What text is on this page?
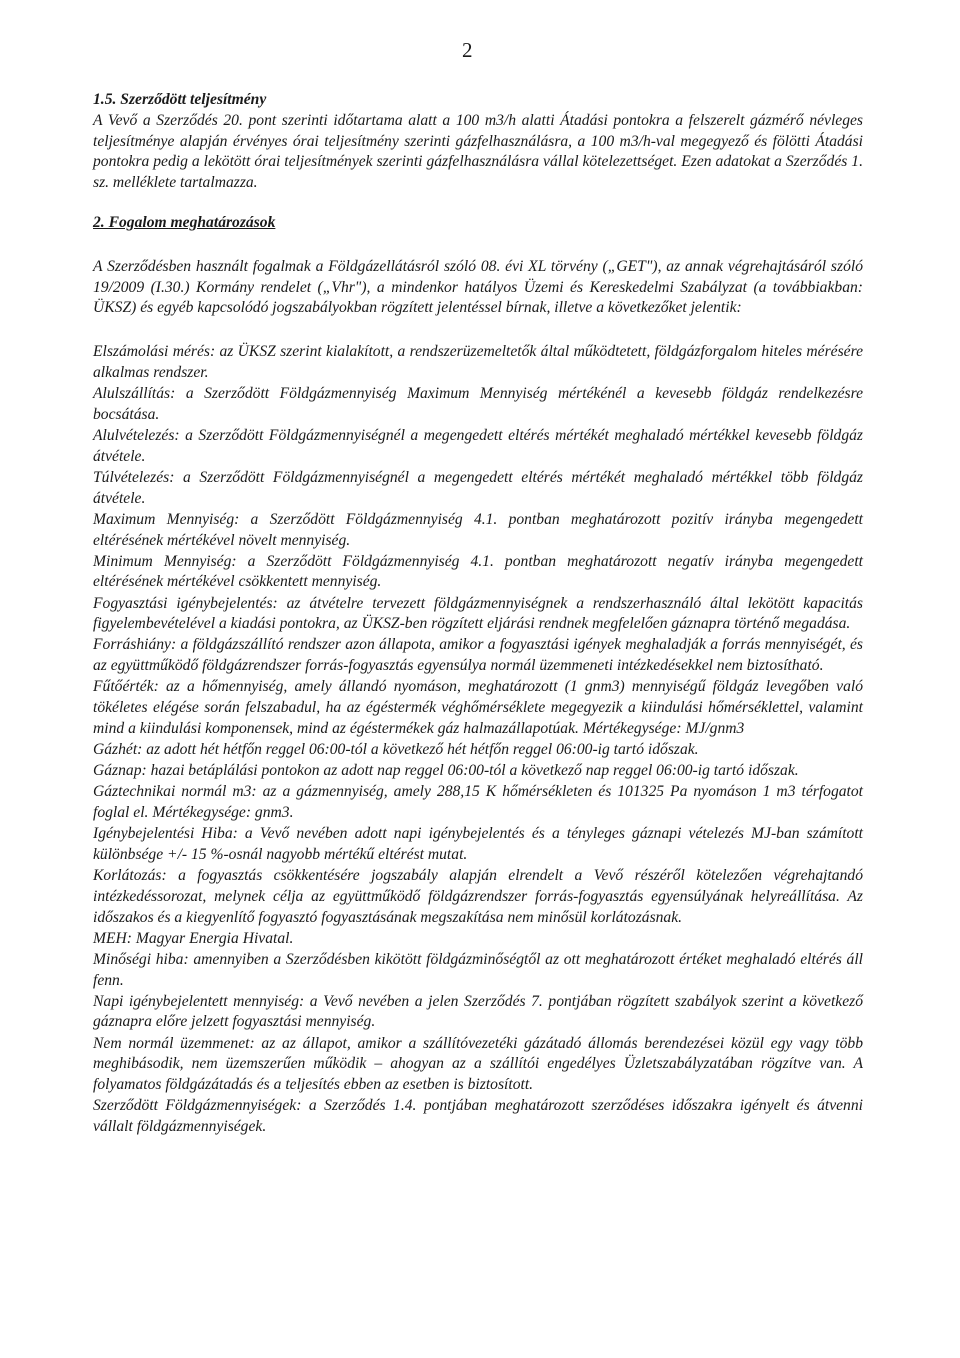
2

1.5. Szerződött teljesítmény

A Vevő a Szerződés 20. pont szerinti időtartama alatt a 100 m3/h alatti Átadási pontokra a felszerelt gázmérő névleges teljesítménye alapján érvényes órai teljesítmény szerinti gázfelhasználásra, a 100 m3/h-val megegyező és fölötti Átadási pontokra pedig a lekötött órai teljesítmények szerinti gázfelhasználásra vállal kötelezettséget. Ezen adatokat a Szerződés 1. sz. melléklete tartalmazza.

2. Fogalom meghatározások

A Szerződésben használt fogalmak a Földgázellátásról szóló 08. évi XL törvény („GET"), az annak végrehajtásáról szóló 19/2009 (I.30.) Kormány rendelet („Vhr"), a mindenkor hatályos Üzemi és Kereskedelmi Szabályzat (a továbbiakban: ÜKSZ) és egyéb kapcsolódó jogszabályokban rögzített jelentéssel bírnak, illetve a következőket jelentik:

Elszámolási mérés: az ÜKSZ szerint kialakított, a rendszerüzemeltetők által működtetett, földgázforgalom hiteles mérésére alkalmas rendszer.

Alulszállítás: a Szerződött Földgázmennyiség Maximum Mennyiség mértékénél a kevesebb földgáz rendelkezésre bocsátása.

Alulvételezés: a Szerződött Földgázmennyiségnél a megengedett eltérés mértékét meghaladó mértékkel kevesebb földgáz átvétele.

Túlvételezés: a Szerződött Földgázmennyiségnél a megengedett eltérés mértékét meghaladó mértékkel több földgáz átvétele.

Maximum Mennyiség: a Szerződött Földgázmennyiség 4.1. pontban meghatározott pozitív irányba megengedett eltérésének mértékével növelt mennyiség.

Minimum Mennyiség: a Szerződött Földgázmennyiség 4.1. pontban meghatározott negatív irányba megengedett eltérésének mértékével csökkentett mennyiség.

Fogyasztási igénybejelentés: az átvételre tervezett földgázmennyiségnek a rendszerhasználó által lekötött kapacitás figyelembevételével a kiadási pontokra, az ÜKSZ-ben rögzített eljárási rendnek megfelelően gáznapra történő megadása.

Forráshiány: a földgázszállító rendszer azon állapota, amikor a fogyasztási igények meghaladják a forrás mennyiségét, és az együttműködő földgázrendszer forrás-fogyasztás egyensúlya normál üzemmeneti intézkedésekkel nem biztosítható.

Fűtőérték: az a hőmennyiség, amely állandó nyomáson, meghatározott (1 gnm3) mennyiségű földgáz levegőben való tökéletes elégése során felszabadul, ha az égéstermék véghőmérséklete megegyezik a kiindulási hőmérséklettel, valamint mind a kiindulási komponensek, mind az égéstermékek gáz halmazállapotúak. Mértékegysége: MJ/gnm3

Gázhét: az adott hét hétfőn reggel 06:00-tól a következő hét hétfőn reggel 06:00-ig tartó időszak.

Gáznap: hazai betáplálási pontokon az adott nap reggel 06:00-tól a következő nap reggel 06:00-ig tartó időszak.

Gáztechnikai normál m3: az a gázmennyiség, amely 288,15 K hőmérsékleten és 101325 Pa nyomáson 1 m3 térfogatot foglal el. Mértékegysége: gnm3.

Igénybejelentési Hiba: a Vevő nevében adott napi igénybejelentés és a tényleges gáznapi vételezés MJ-ban számított különbsége +/- 15 %-osnál nagyobb mértékű eltérést mutat.

Korlátozás: a fogyasztás csökkentésére jogszabály alapján elrendelt a Vevő részéről kötelezően végrehajtandó intézkedéssorozat, melynek célja az együttműködő földgázrendszer forrás-fogyasztás egyensúlyának helyreállítása. Az időszakos és a kiegyenlítő fogyasztó fogyasztásának megszakítása nem minősül korlátozásnak.

MEH: Magyar Energia Hivatal.

Minőségi hiba: amennyiben a Szerződésben kikötött földgázminőségtől az ott meghatározott értéket meghaladó eltérés áll fenn.

Napi igénybejelentett mennyiség: a Vevő nevében a jelen Szerződés 7. pontjában rögzített szabályok szerint a következő gáznapra előre jelzett fogyasztási mennyiség.

Nem normál üzemmenet: az az állapot, amikor a szállítóvezetéki gázátadó állomás berendezései közül egy vagy több meghibásodik, nem üzemszerűen működik – ahogyan az a szállítói engedélyes Üzletszabályzatában rögzítve van. A folyamatos földgázátadás és a teljesítés ebben az esetben is biztosított.

Szerződött Földgázmennyiségek: a Szerződés 1.4. pontjában meghatározott szerződéses időszakra igényelt és átvenni vállalt földgázmennyiségek.
